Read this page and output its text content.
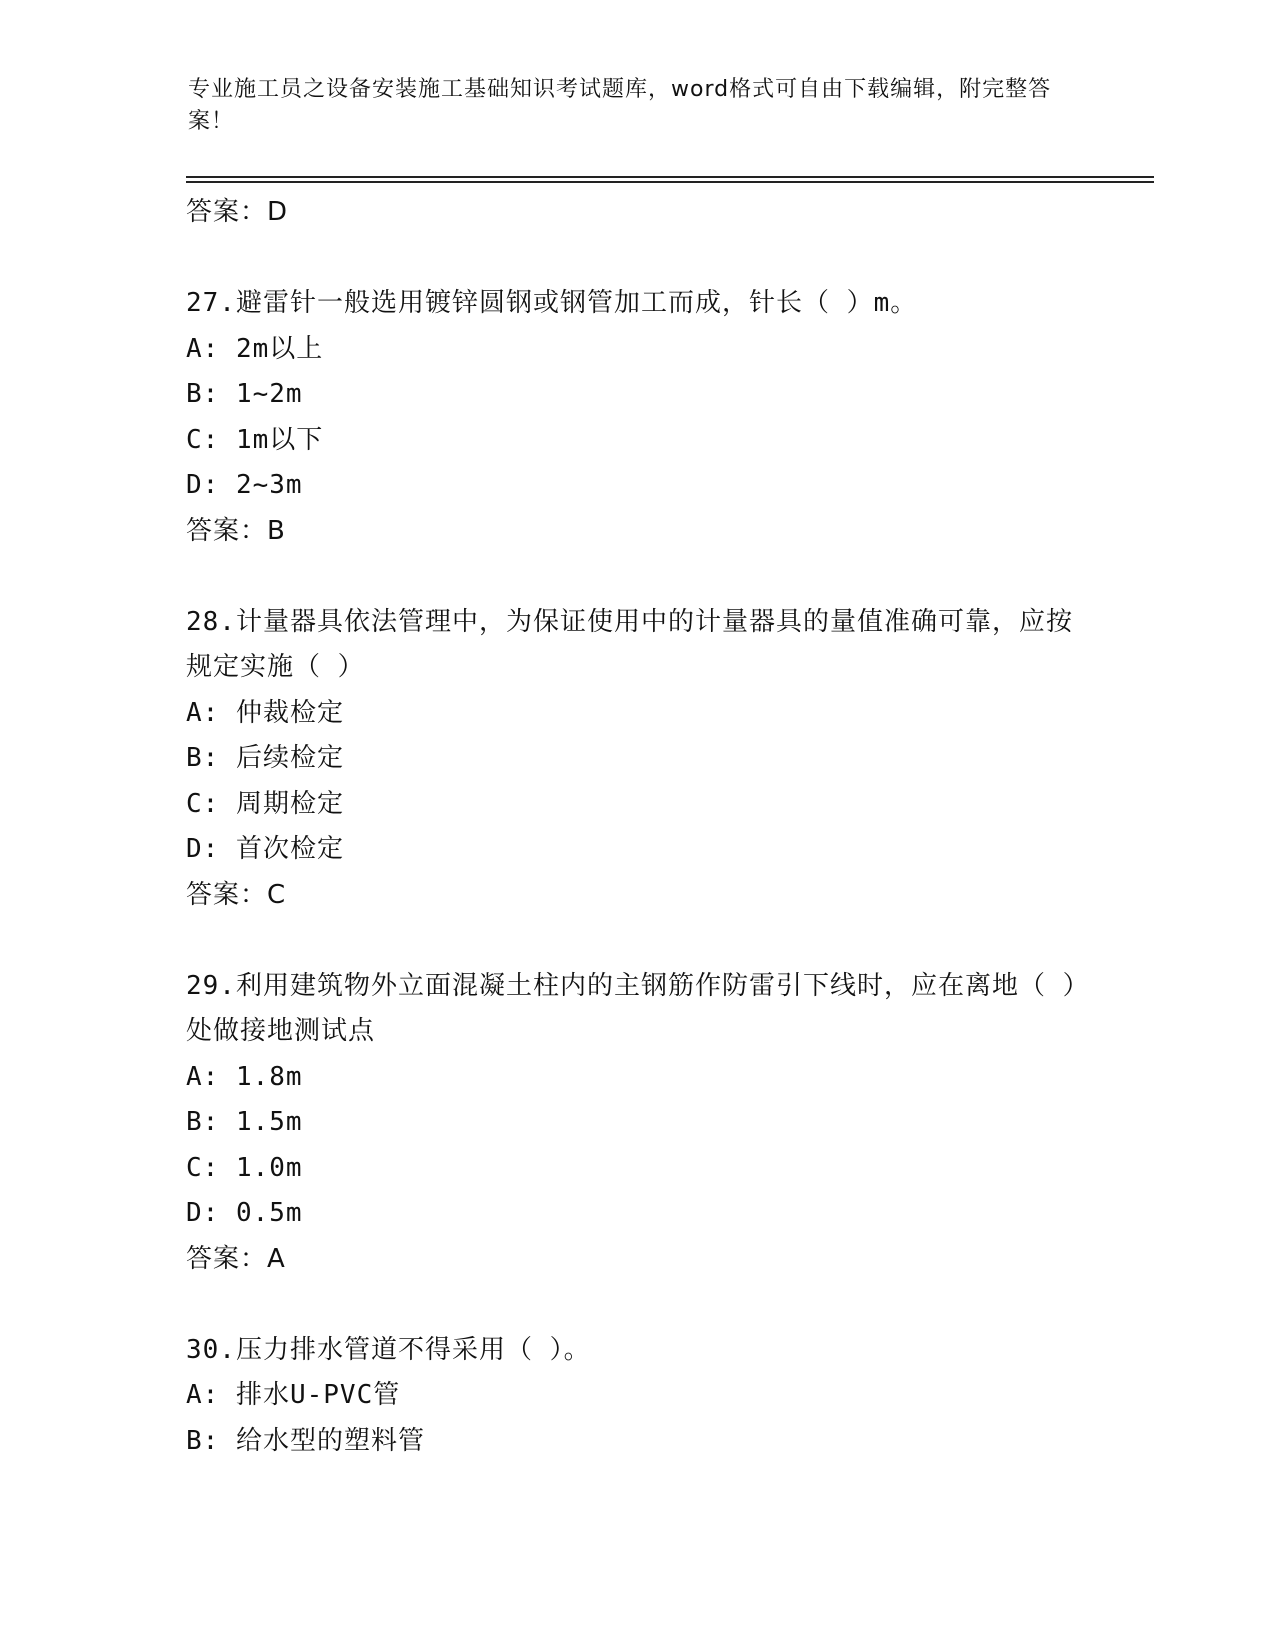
专业施工员之设备安装施工基础知识考试题库，word格式可自由下载编辑，附完整答案！
答案：D
27.避雷针一般选用镀锌圆钢或钢管加工而成，针长（ ）m。
A: 2m以上
B: 1~2m
C: 1m以下
D: 2~3m
答案：B
28.计量器具依法管理中，为保证使用中的计量器具的量值准确可靠，应按规定实施（ ）
A: 仲裁检定
B: 后续检定
C: 周期检定
D: 首次检定
答案：C
29.利用建筑物外立面混凝土柱内的主钢筋作防雷引下线时，应在离地（ ）处做接地测试点
A: 1.8m
B: 1.5m
C: 1.0m
D: 0.5m
答案：A
30.压力排水管道不得采用（ ）。
A: 排水U-PVC管
B: 给水型的塑料管
